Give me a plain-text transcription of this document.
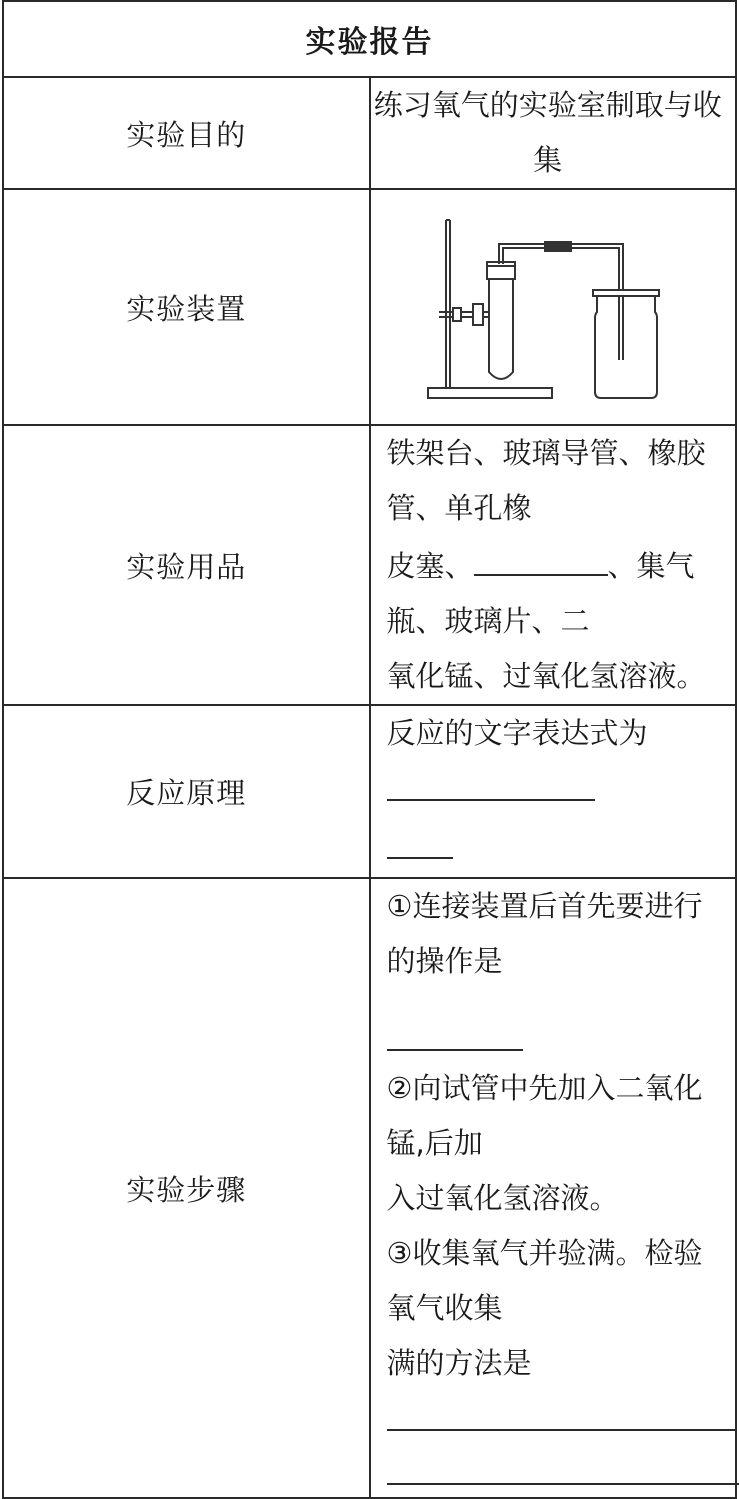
实验报告	
实验目的	练习氧气的实验室制取与收集
实验装置	

实验用品	铁架台、玻璃导管、橡胶管、单孔橡
皮塞、 、集气瓶、玻璃片、二
氧化锰、过氧化氢溶液。

反应原理	反应的文字表达式为

实验步骤	①连接装置后首先要进行的操作是
②向试管中先加入二氧化锰,后加
入过氧化氢溶液。
③收集氧气并验满。检验氧气收集
满的方法是
